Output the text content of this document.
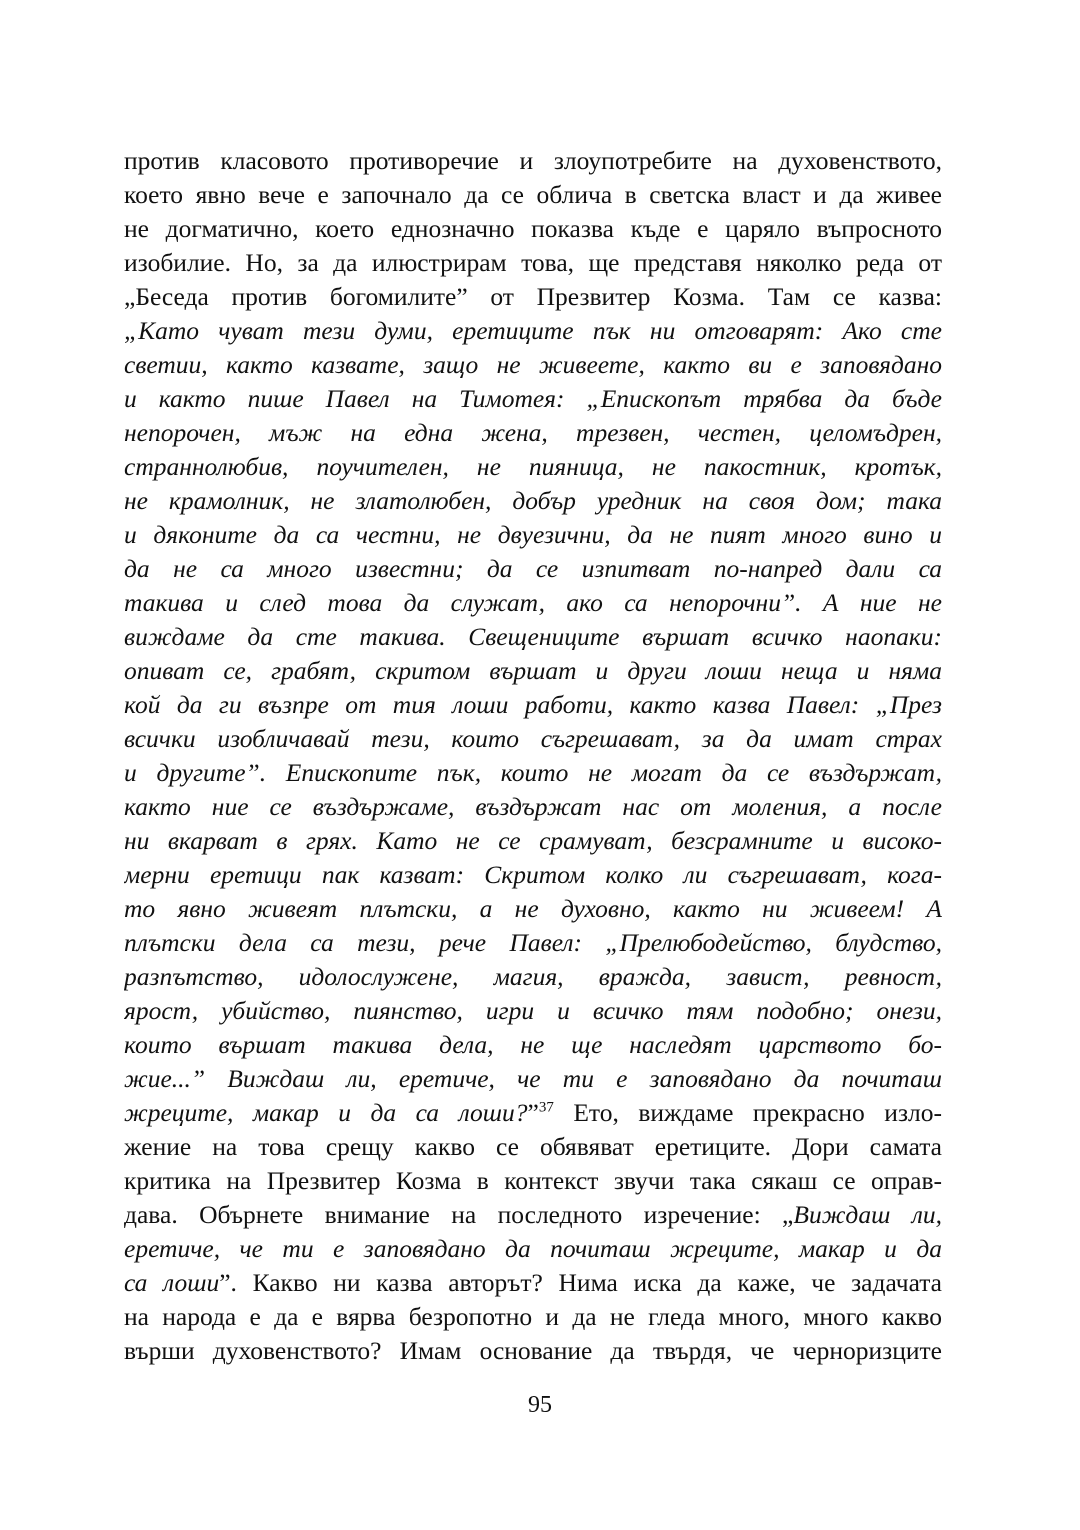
против класовото противоречие и злоупотребите на духовенството,
което явно вече е започнало да се облича в светска власт и да живее
не догматично, което еднозначно показва къде е царяло въпросното
изобилие. Но, за да илюстрирам това, ще представя няколко реда от
„Беседа против богомилите” от Презвитер Козма. Там се казва:
„Като чуват тези думи, еретиците пък ни отговарят: Ако сте
светии, както казвате, защо не живеете, както ви е заповядано
и както пише Павел на Тимотея: „Епископът трябва да бъде
непорочен, мъж на една жена, трезвен, честен, целомъдрен,
страннолюбив, поучителен, не пияница, не пакостник, кротък,
не крамолник, не златолюбен, добър уредник на своя дом; така
и дяконите да са честни, не двуезични, да не пият много вино и
да не са много известни; да се изпитват по-напред дали са
такива и след това да служат, ако са непорочни”. А ние не
виждаме да сте такива. Свещениците вършат всичко наопаки:
опиват се, грабят, скритом вършат и други лоши неща и няма
кой да ги възпре от тия лоши работи, както казва Павел: „През
всички изобличавай тези, които съгрешават, за да имат страх
и другите”. Епископите пък, които не могат да се въздържат,
както ние се въздържаме, въздържат нас от моления, а после
ни вкарват в грях. Като не се срамуват, безсрамните и високо-
мерни еретици пак казват: Скритом колко ли съгрешават, кога-
то явно живеят плътски, а не духовно, както ни живеем! А
плътски дела са тези, рече Павел: „Прелюбодейство, блудство,
разпътство, идолослужене, магия, вражда, завист, ревност,
ярост, убийство, пиянство, игри и всичко тям подобно; онези,
които вършат такива дела, не ще наследят царството бо-
жие...” Виждаш ли, еретиче, че ти е заповядано да почиташ
жреците, макар и да са лоши?”$^{37}$ Ето, виждаме прекрасно изло-
жение на това срещу какво се обявяват еретиците. Дори самата
критика на Презвитер Козма в контекст звучи така сякаш се оправ-
дава. Обърнете внимание на последното изречение: „Виждаш ли,
еретиче, че ти е заповядано да почиташ жреците, макар и да
са лоши”. Какво ни казва авторът? Нима иска да каже, че задачата
на народа е да е вярва безропотно и да не гледа много, много какво
върши духовенството? Имам основание да твърдя, че черноризците
95
